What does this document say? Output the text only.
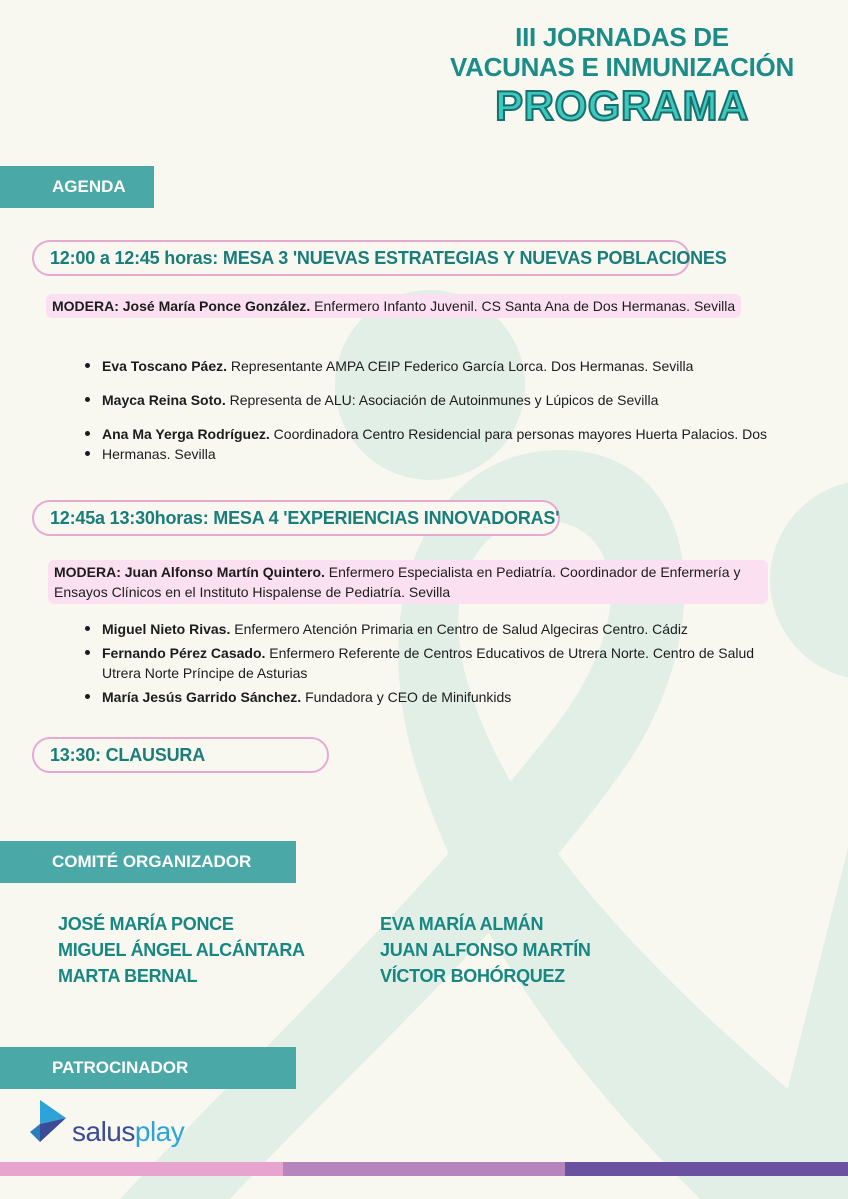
III JORNADAS DE
VACUNAS E INMUNIZACIÓN
PROGRAMA
AGENDA
12:00 a 12:45 horas: MESA 3 'NUEVAS ESTRATEGIAS Y NUEVAS POBLACIONES
MODERA: José María Ponce González. Enfermero Infanto Juvenil. CS Santa Ana de Dos Hermanas. Sevilla
Eva Toscano Páez. Representante AMPA CEIP Federico García Lorca. Dos Hermanas. Sevilla
Mayca Reina Soto. Representa de ALU: Asociación de Autoinmunes y Lúpicos de Sevilla
Ana Ma Yerga Rodríguez. Coordinadora Centro Residencial para personas mayores Huerta Palacios. Dos
Hermanas. Sevilla
12:45a 13:30horas: MESA 4 'EXPERIENCIAS INNOVADORAS'
MODERA: Juan Alfonso Martín Quintero. Enfermero Especialista en Pediatría. Coordinador de Enfermería y
Ensayos Clínicos en el Instituto Hispalense de Pediatría. Sevilla
Miguel Nieto Rivas. Enfermero Atención Primaria en Centro de Salud Algeciras Centro. Cádiz
Fernando Pérez Casado. Enfermero Referente de Centros Educativos de Utrera Norte. Centro de Salud
Utrera Norte Príncipe de Asturias
María Jesús Garrido Sánchez. Fundadora y CEO de Minifunkids
13:30: CLAUSURA
COMITÉ ORGANIZADOR
JOSÉ MARÍA PONCE
MIGUEL ÁNGEL ALCÁNTARA
MARTA BERNAL
EVA MARÍA ALMÁN
JUAN ALFONSO MARTÍN
VÍCTOR BOHÓRQUEZ
PATROCINADOR
salusplay
